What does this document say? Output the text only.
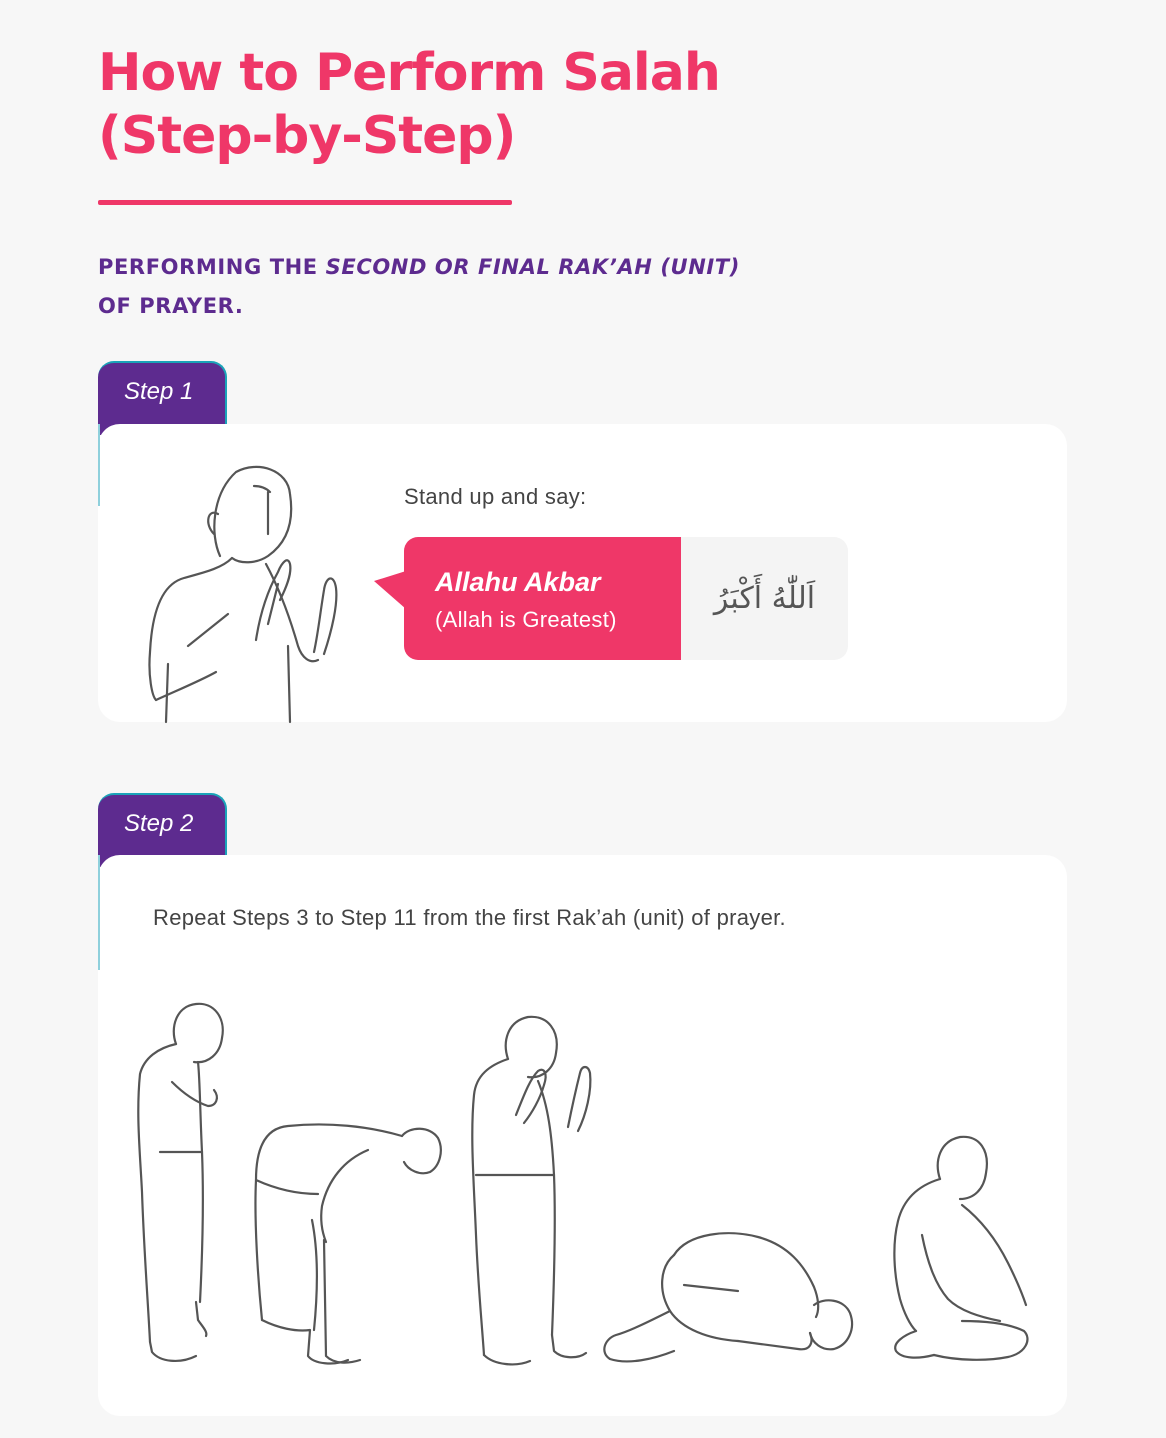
How to Perform Salah
(Step-by-Step)

PERFORMING THE SECOND OR FINAL RAK’AH (UNIT)
OF PRAYER.

Step 1
Stand up and say:
Allahu Akbar
(Allah is Greatest)
اَللّٰهُ أَكْبَرُ
Step 2
Repeat Steps 3 to Step 11 from the first Rak’ah (unit) of prayer.
